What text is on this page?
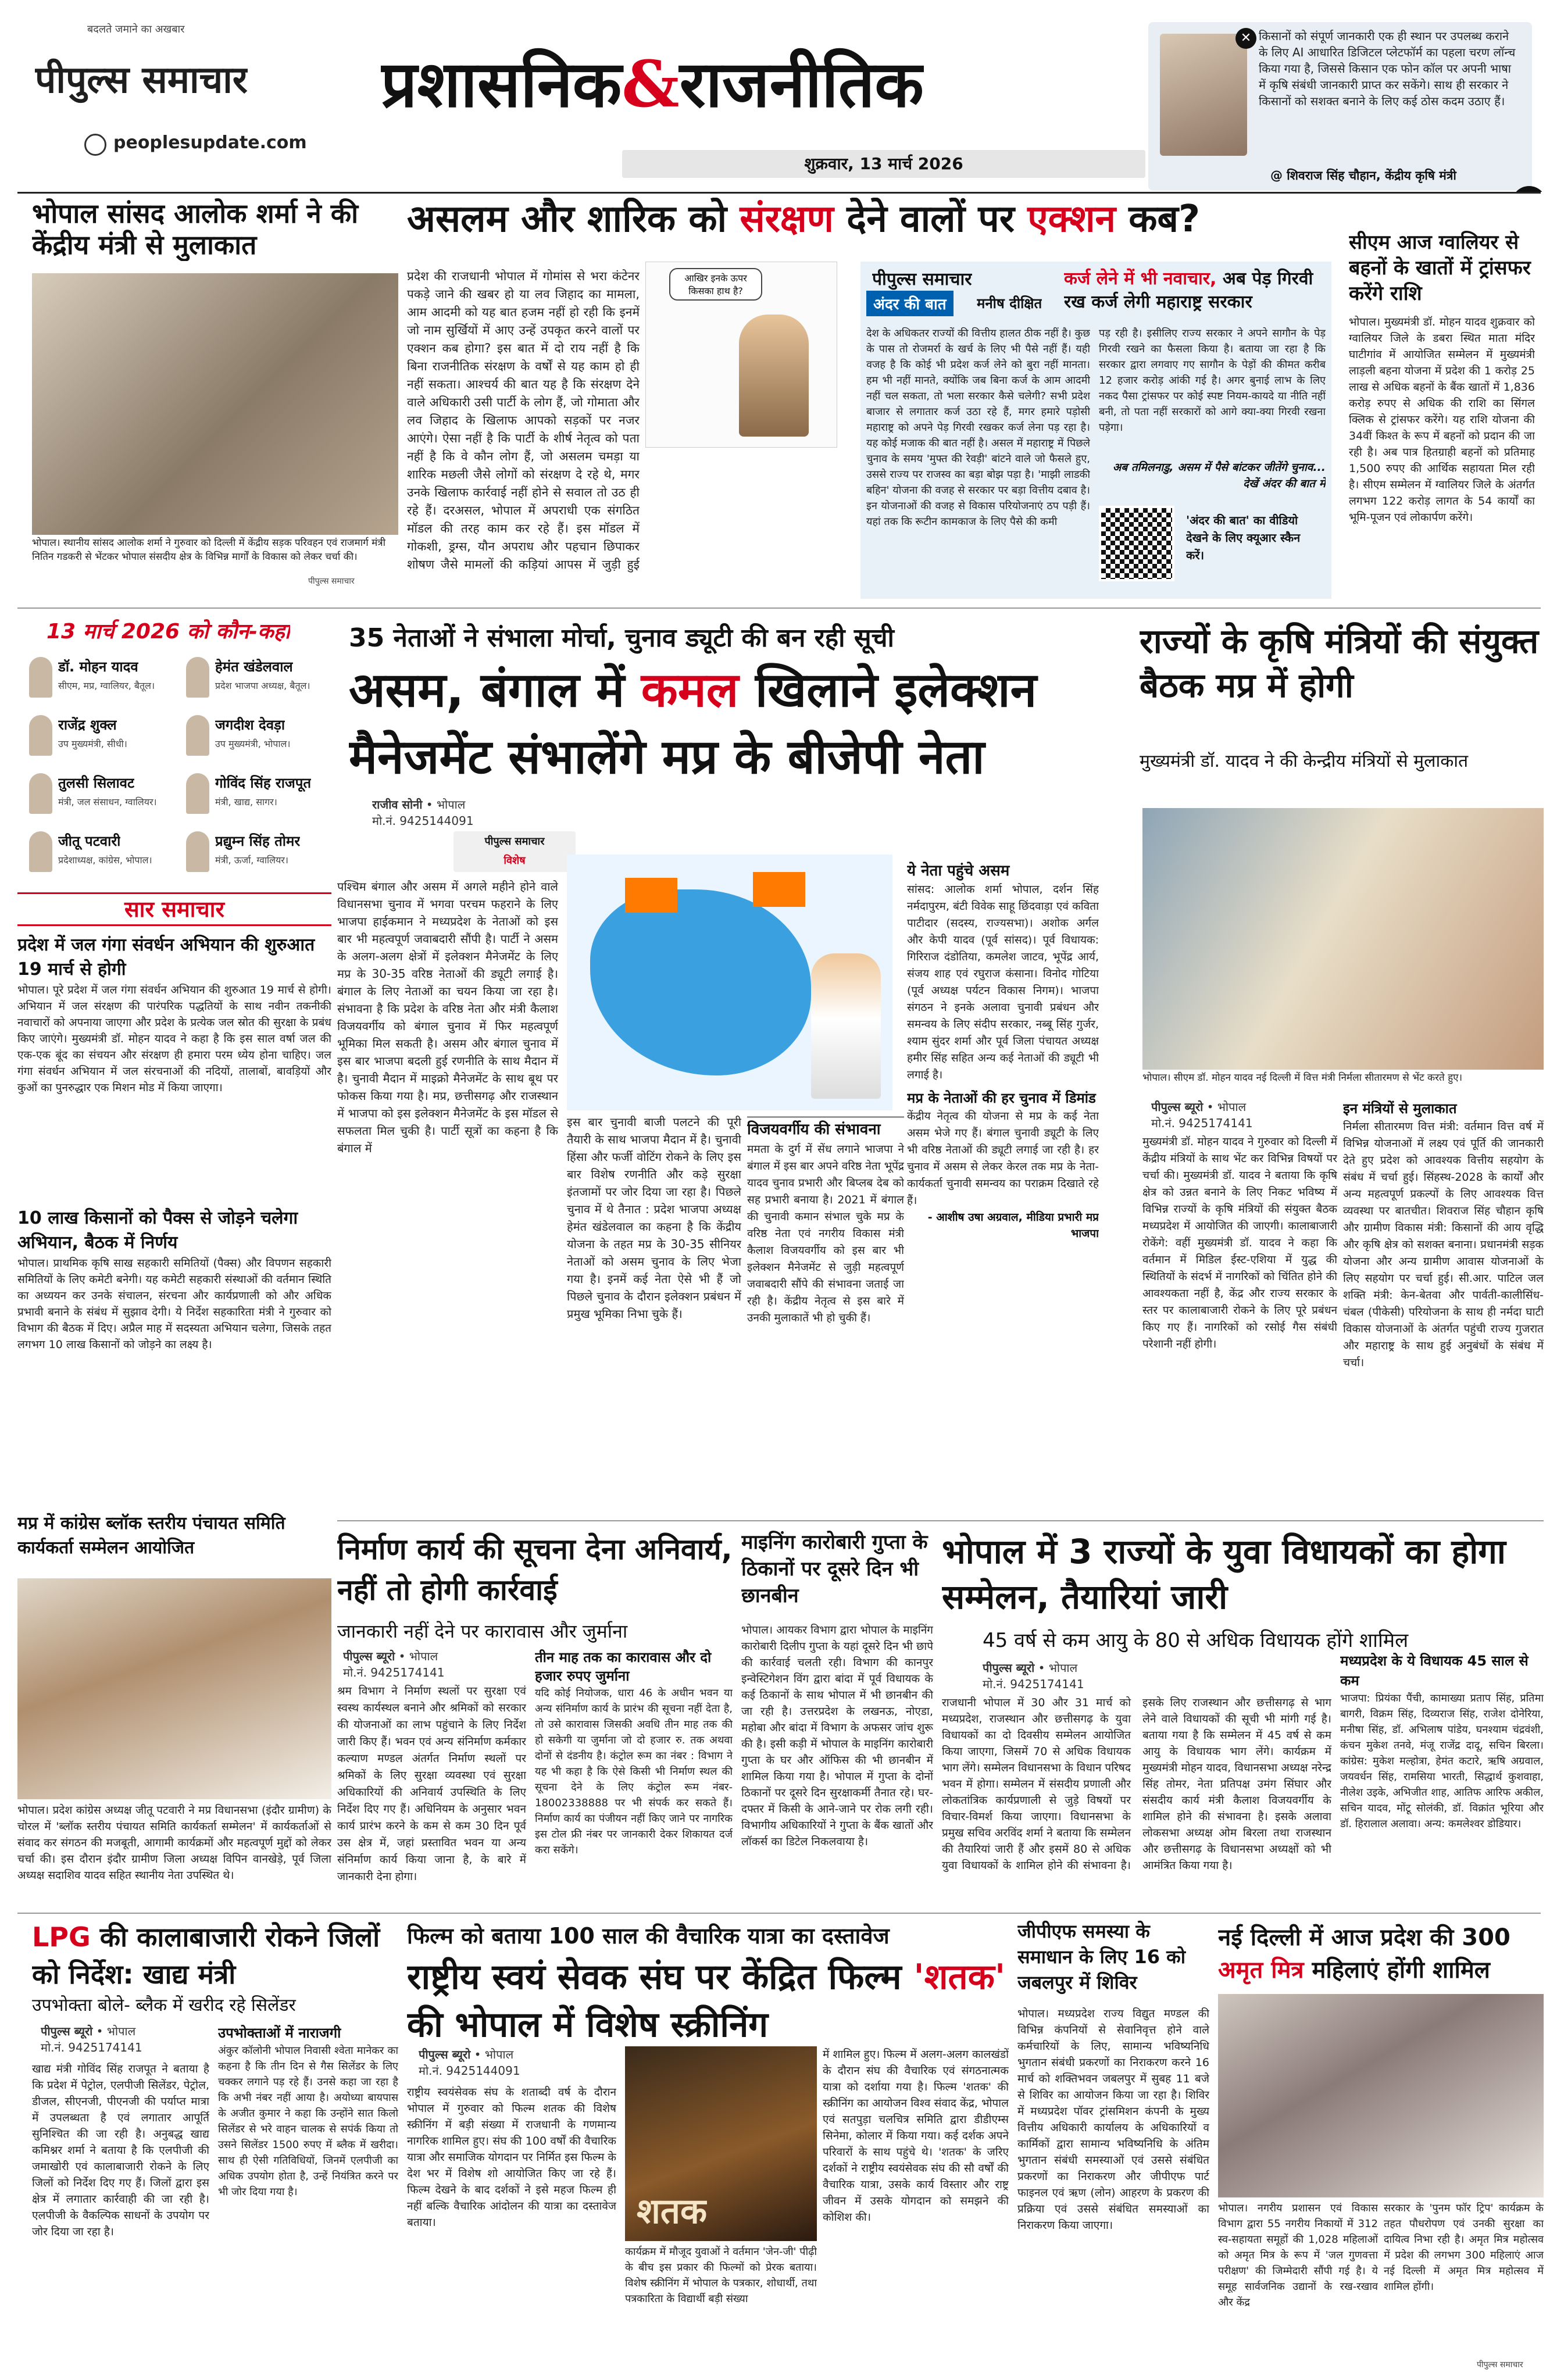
बदलते जमाने का अखबार
पीपुल्स समाचार
peoplesupdate.com
प्रशासनिक&राजनीतिक
शुक्रवार, 13 मार्च 2026
✕ किसानों को संपूर्ण जानकारी एक ही स्थान पर उपलब्ध कराने के लिए AI आधारित डिजिटल प्लेटफॉर्म का पहला चरण लॉन्च किया गया है, जिससे किसान एक फोन कॉल पर अपनी भाषा में कृषि संबंधी जानकारी प्राप्त कर सकेंगे। साथ ही सरकार ने किसानों को सशक्त बनाने के लिए कई ठोस कदम उठाए हैं।
@ शिवराज सिंह चौहान, केंद्रीय कृषि मंत्री
भोपाल सांसद आलोक शर्मा ने की केंद्रीय मंत्री से मुलाकात
भोपाल। स्थानीय सांसद आलोक शर्मा ने गुरुवार को दिल्ली में केंद्रीय सड़क परिवहन एवं राजमार्ग मंत्री नितिन गडकरी से भेंटकर भोपाल संसदीय क्षेत्र के विभिन्न मार्गों के विकास को लेकर चर्चा की।
पीपुल्स समाचार
असलम और शारिक को संरक्षण देने वालों पर एक्शन कब?
प्रदेश की राजधानी भोपाल में गोमांस से भरा कंटेनर पकड़े जाने की खबर हो या लव जिहाद का मामला, आम आदमी को यह बात हजम नहीं हो रही कि इनमें जो नाम सुर्खियों में आए उन्हें उपकृत करने वालों पर एक्शन कब होगा? इस बात में दो राय नहीं है कि बिना राजनीतिक संरक्षण के वर्षों से यह काम हो ही नहीं सकता। आश्चर्य की बात यह है कि संरक्षण देने वाले अधिकारी उसी पार्टी के लोग हैं, जो गोमाता और लव जिहाद के खिलाफ आपको सड़कों पर नजर आएंगे। ऐसा नहीं है कि पार्टी के शीर्ष नेतृत्व को पता नहीं है कि वे कौन लोग हैं, जो असलम चमड़ा या शारिक मछली जैसे लोगों को संरक्षण दे रहे थे, मगर उनके खिलाफ कार्रवाई नहीं होने से सवाल तो उठ ही रहे हैं। दरअसल, भोपाल में अपराधी एक संगठित मॉडल की तरह काम कर रहे हैं। इस मॉडल में गोकशी, ड्रग्स, यौन अपराध और पहचान छिपाकर शोषण जैसे मामलों की कड़ियां आपस में जुड़ी हुई
आखिर इनके ऊपर किसका हाथ है?
पीपुल्स समाचार
अंदर की बात	मनीष दीक्षित
कर्ज लेने में भी नवाचार, अब पेड़ गिरवी रख कर्ज लेगी महाराष्ट्र सरकार
देश के अधिकतर राज्यों की वित्तीय हालत ठीक नहीं है। कुछ के पास तो रोजमर्रा के खर्च के लिए भी पैसे नहीं हैं। यही वजह है कि कोई भी प्रदेश कर्ज लेने को बुरा नहीं मानता। हम भी नहीं मानते, क्योंकि जब बिना कर्ज के आम आदमी नहीं चल सकता, तो भला सरकार कैसे चलेगी? सभी प्रदेश बाजार से लगातार कर्ज उठा रहे हैं, मगर हमारे पड़ोसी महाराष्ट्र को अपने पेड़ गिरवी रखकर कर्ज लेना पड़ रहा है। यह कोई मजाक की बात नहीं है। असल में महाराष्ट्र में पिछले चुनाव के समय 'मुफ्त की रेवड़ी' बांटने वाले जो फैसले हुए, उससे राज्य पर राजस्व का बड़ा बोझ पड़ा है। 'माझी लाडकी बहिन' योजना की वजह से सरकार पर बड़ा वित्तीय दबाव है। इन योजनाओं की वजह से विकास परियोजनाएं ठप पड़ी हैं। यहां तक कि रूटीन कामकाज के लिए पैसे की कमी
पड़ रही है। इसीलिए राज्य सरकार ने अपने सागौन के पेड़ गिरवी रखने का फैसला किया है। बताया जा रहा है कि सरकार द्वारा लगवाए गए सागौन के पेड़ों की कीमत करीब 12 हजार करोड़ आंकी गई है। अगर बुनाई लाभ के लिए नकद पैसा ट्रांसफर पर कोई स्पष्ट नियम-कायदे या नीति नहीं बनी, तो पता नहीं सरकारों को आगे क्या-क्या गिरवी रखना पड़ेगा।
अब तमिलनाडु, असम में पैसे बांटकर जीतेंगे चुनाव... देखें अंदर की बात में
'अंदर की बात' का वीडियो देखने के लिए क्यूआर स्कैन करें।
सीएम आज ग्वालियर से बहनों के खातों में ट्रांसफर करेंगे राशि
भोपाल। मुख्यमंत्री डॉ. मोहन यादव शुक्रवार को ग्वालियर जिले के डबरा स्थित माता मंदिर घाटीगांव में आयोजित सम्मेलन में मुख्यमंत्री लाड़ली बहना योजना में प्रदेश की 1 करोड़ 25 लाख से अधिक बहनों के बैंक खातों में 1,836 करोड़ रुपए से अधिक की राशि का सिंगल क्लिक से ट्रांसफर करेंगे। यह राशि योजना की 34वीं किश्त के रूप में बहनों को प्रदान की जा रही है। अब पात्र हितग्राही बहनों को प्रतिमाह 1,500 रुपए की आर्थिक सहायता मिल रही है। सीएम सम्मेलन में ग्वालियर जिले के अंतर्गत लगभग 122 करोड़ लागत के 54 कार्यों का भूमि-पूजन एवं लोकार्पण करेंगे।
13 मार्च 2026 को कौन-कहां
डॉ. मोहन यादव
सीएम, मप्र, ग्वालियर, बैतूल।
हेमंत खंडेलवाल
प्रदेश भाजपा अध्यक्ष, बैतूल।
राजेंद्र शुक्ल
उप मुख्यमंत्री, सीधी।
जगदीश देवड़ा
उप मुख्यमंत्री, भोपाल।
तुलसी सिलावट
मंत्री, जल संसाधन, ग्वालियर।
गोविंद सिंह राजपूत
मंत्री, खाद्य, सागर।
जीतू पटवारी
प्रदेशाध्यक्ष, कांग्रेस, भोपाल।
प्रद्युम्न सिंह तोमर
मंत्री, ऊर्जा, ग्वालियर।
35 नेताओं ने संभाला मोर्चा, चुनाव ड्यूटी की बन रही सूची
असम, बंगाल में कमल खिलाने इलेक्शन मैनेजमेंट संभालेंगे मप्र के बीजेपी नेता
राजीव सोनी • भोपाल
मो.नं. 9425144091
पीपुल्स समाचार
विशेष
पश्चिम बंगाल और असम में अगले महीने होने वाले विधानसभा चुनाव में भगवा परचम फहराने के लिए भाजपा हाईकमान ने मध्यप्रदेश के नेताओं को इस बार भी महत्वपूर्ण जवाबदारी सौंपी है। पार्टी ने असम के अलग-अलग क्षेत्रों में इलेक्शन मैनेजमेंट के लिए मप्र के 30-35 वरिष्ठ नेताओं की ड्यूटी लगाई है। बंगाल के लिए नेताओं का चयन किया जा रहा है। संभावना है कि प्रदेश के वरिष्ठ नेता और मंत्री कैलाश विजयवर्गीय को बंगाल चुनाव में फिर महत्वपूर्ण भूमिका मिल सकती है। असम और बंगाल चुनाव में इस बार भाजपा बदली हुई रणनीति के साथ मैदान में है। चुनावी मैदान में माइक्रो मैनेजमेंट के साथ बूथ पर फोकस किया गया है। मप्र, छत्तीसगढ़ और राजस्थान में भाजपा को इस इलेक्शन मैनेजमेंट के इस मॉडल से सफलता मिल चुकी है। पार्टी सूत्रों का कहना है कि बंगाल में
इस बार चुनावी बाजी पलटने की पूरी तैयारी के साथ भाजपा मैदान में है। चुनावी हिंसा और फर्जी वोटिंग रोकने के लिए इस बार विशेष रणनीति और कड़े सुरक्षा इंतजामों पर जोर दिया जा रहा है। पिछले चुनाव में थे तैनात : प्रदेश भाजपा अध्यक्ष हेमंत खंडेलवाल का कहना है कि केंद्रीय योजना के तहत मप्र के 30-35 सीनियर नेताओं को असम चुनाव के लिए भेजा गया है। इनमें कई नेता ऐसे भी हैं जो पिछले चुनाव के दौरान इलेक्शन प्रबंधन में प्रमुख भूमिका निभा चुके हैं।
विजयवर्गीय की संभावना
ममता के दुर्ग में सेंध लगाने भाजपा ने बंगाल में इस बार अपने वरिष्ठ नेता भूपेंद्र यादव चुनाव प्रभारी और बिप्लब देब को सह प्रभारी बनाया है। 2021 में बंगाल की चुनावी कमान संभाल चुके मप्र के वरिष्ठ नेता एवं नगरीय विकास मंत्री कैलाश विजयवर्गीय को इस बार भी इलेक्शन मैनेजमेंट से जुड़ी महत्वपूर्ण जवाबदारी सौंपे की संभावना जताई जा रही है। केंद्रीय नेतृत्व से इस बारे में उनकी मुलाकातें भी हो चुकी हैं।
ये नेता पहुंचे असम
सांसद: आलोक शर्मा भोपाल, दर्शन सिंह नर्मदापुरम, बंटी विवेक साहू छिंदवाड़ा एवं कविता पाटीदार (सदस्य, राज्यसभा)। अशोक अर्गल और केपी यादव (पूर्व सांसद)। पूर्व विधायक: गिरिराज दंडोतिया, कमलेश जाटव, भूपेंद्र आर्य, संजय शाह एवं रघुराज कंसाना। विनोद गोटिया (पूर्व अध्यक्ष पर्यटन विकास निगम)। भाजपा संगठन ने इनके अलावा चुनावी प्रबंधन और समन्वय के लिए संदीप सरकार, नब्बू सिंह गुर्जर, श्याम सुंदर शर्मा और पूर्व जिला पंचायत अध्यक्ष हमीर सिंह सहित अन्य कई नेताओं की ड्यूटी भी लगाई है।
मप्र के नेताओं की हर चुनाव में डिमांड
केंद्रीय नेतृत्व की योजना से मप्र के कई नेता असम भेजे गए हैं। बंगाल चुनावी ड्यूटी के लिए भी वरिष्ठ नेताओं की ड्यूटी लगाई जा रही है। हर चुनाव में असम से लेकर केरल तक मप्र के नेता-कार्यकर्ता चुनावी समन्वय का पराक्रम दिखाते रहे हैं।
- आशीष उषा अग्रवाल, मीडिया प्रभारी मप्र भाजपा
सार समाचार
प्रदेश में जल गंगा संवर्धन अभियान की शुरुआत 19 मार्च से होगी
भोपाल। पूरे प्रदेश में जल गंगा संवर्धन अभियान की शुरुआत 19 मार्च से होगी। अभियान में जल संरक्षण की पारंपरिक पद्धतियों के साथ नवीन तकनीकी नवाचारों को अपनाया जाएगा और प्रदेश के प्रत्येक जल स्रोत की सुरक्षा के प्रबंध किए जाएंगे। मुख्यमंत्री डॉ. मोहन यादव ने कहा है कि इस साल वर्षा जल की एक-एक बूंद का संचयन और संरक्षण ही हमारा परम ध्येय होना चाहिए। जल गंगा संवर्धन अभियान में जल संरचनाओं की नदियों, तालाबों, बावड़ियों और कुओं का पुनरुद्धार एक मिशन मोड में किया जाएगा।
10 लाख किसानों को पैक्स से जोड़ने चलेगा अभियान, बैठक में निर्णय
भोपाल। प्राथमिक कृषि साख सहकारी समितियों (पैक्स) और विपणन सहकारी समितियों के लिए कमेटी बनेगी। यह कमेटी सहकारी संस्थाओं की वर्तमान स्थिति का अध्ययन कर उनके संचालन, संरचना और कार्यप्रणाली को और अधिक प्रभावी बनाने के संबंध में सुझाव देगी। ये निर्देश सहकारिता मंत्री ने गुरुवार को विभाग की बैठक में दिए। अप्रैल माह में सदस्यता अभियान चलेगा, जिसके तहत लगभग 10 लाख किसानों को जोड़ने का लक्ष्य है।
मप्र में कांग्रेस ब्लॉक स्तरीय पंचायत समिति कार्यकर्ता सम्मेलन आयोजित
भोपाल। प्रदेश कांग्रेस अध्यक्ष जीतू पटवारी ने मप्र विधानसभा (इंदौर ग्रामीण) के चोरल में 'ब्लॉक स्तरीय पंचायत समिति कार्यकर्ता सम्मेलन' में कार्यकर्ताओं से संवाद कर संगठन की मजबूती, आगामी कार्यक्रमों और महत्वपूर्ण मुद्दों को लेकर चर्चा की। इस दौरान इंदौर ग्रामीण जिला अध्यक्ष विपिन वानखेड़े, पूर्व जिला अध्यक्ष सदाशिव यादव सहित स्थानीय नेता उपस्थित थे।
राज्यों के कृषि मंत्रियों की संयुक्त बैठक मप्र में होगी
मुख्यमंत्री डॉ. यादव ने की केन्द्रीय मंत्रियों से मुलाकात
भोपाल। सीएम डॉ. मोहन यादव नई दिल्ली में वित्त मंत्री निर्मला सीतारमण से भेंट करते हुए।
पीपुल्स ब्यूरो • भोपाल
मो.नं. 9425174141
मुख्यमंत्री डॉ. मोहन यादव ने गुरुवार को दिल्ली में केंद्रीय मंत्रियों के साथ भेंट कर विभिन्न विषयों पर चर्चा की। मुख्यमंत्री डॉ. यादव ने बताया कि कृषि क्षेत्र को उन्नत बनाने के लिए निकट भविष्य में विभिन्न राज्यों के कृषि मंत्रियों की संयुक्त बैठक मध्यप्रदेश में आयोजित की जाएगी। कालाबाजारी रोकेंगे: वहीं मुख्यमंत्री डॉ. यादव ने कहा कि वर्तमान में मिडिल ईस्ट-एशिया में युद्ध की स्थितियों के संदर्भ में नागरिकों को चिंतित होने की आवश्यकता नहीं है, केंद्र और राज्य सरकार के स्तर पर कालाबाजारी रोकने के लिए पूरे प्रबंधन किए गए हैं। नागरिकों को रसोई गैस संबंधी परेशानी नहीं होगी।
इन मंत्रियों से मुलाकात
निर्मला सीतारमण वित्त मंत्री: वर्तमान वित्त वर्ष में विभिन्न योजनाओं में लक्ष्य एवं पूर्ति की जानकारी देते हुए प्रदेश को आवश्यक वित्तीय सहयोग के संबंध में चर्चा हुई। सिंहस्थ-2028 के कार्यों और अन्य महत्वपूर्ण प्रकल्पों के लिए आवश्यक वित्त व्यवस्था पर बातचीत। शिवराज सिंह चौहान कृषि और ग्रामीण विकास मंत्री: किसानों की आय वृद्धि और कृषि क्षेत्र को सशक्त बनाना। प्रधानमंत्री सड़क योजना और अन्य ग्रामीण आवास योजनाओं के लिए सहयोग पर चर्चा हुई। सी.आर. पाटिल जल शक्ति मंत्री: केन-बेतवा और पार्वती-कालीसिंध-चंबल (पीकेसी) परियोजना के साथ ही नर्मदा घाटी विकास योजनाओं के अंतर्गत पहुंची राज्य गुजरात और महाराष्ट्र के साथ हुई अनुबंधों के संबंध में चर्चा।
निर्माण कार्य की सूचना देना अनिवार्य, नहीं तो होगी कार्रवाई
जानकारी नहीं देने पर कारावास और जुर्माना
पीपुल्स ब्यूरो • भोपाल
मो.नं. 9425174141
श्रम विभाग ने निर्माण स्थलों पर सुरक्षा एवं स्वस्थ कार्यस्थल बनाने और श्रमिकों को सरकार की योजनाओं का लाभ पहुंचाने के लिए निर्देश जारी किए हैं। भवन एवं अन्य संनिर्माण कर्मकार कल्याण मण्डल अंतर्गत निर्माण स्थलों पर श्रमिकों के लिए सुरक्षा व्यवस्था एवं सुरक्षा अधिकारियों की अनिवार्य उपस्थिति के लिए निर्देश दिए गए हैं। अधिनियम के अनुसार भवन कार्य प्रारंभ करने के कम से कम 30 दिन पूर्व उस क्षेत्र में, जहां प्रस्तावित भवन या अन्य संनिर्माण कार्य किया जाना है, के बारे में जानकारी देना होगा।
तीन माह तक का कारावास और दो हजार रुपए जुर्माना
यदि कोई नियोजक, धारा 46 के अधीन भवन या अन्य संनिर्माण कार्य के प्रारंभ की सूचना नहीं देता है, तो उसे कारावास जिसकी अवधि तीन माह तक की हो सकेगी या जुर्माना जो दो हजार रु. तक अथवा दोनों से दंडनीय है। कंट्रोल रूम का नंबर : विभाग ने यह भी कहा है कि ऐसे किसी भी निर्माण स्थल की सूचना देने के लिए कंट्रोल रूम नंबर- 18002338888 पर भी संपर्क कर सकते हैं। निर्माण कार्य का पंजीयन नहीं किए जाने पर नागरिक इस टोल फ्री नंबर पर जानकारी देकर शिकायत दर्ज करा सकेंगे।
माइनिंग कारोबारी गुप्ता के ठिकानों पर दूसरे दिन भी छानबीन
भोपाल। आयकर विभाग द्वारा भोपाल के माइनिंग कारोबारी दिलीप गुप्ता के यहां दूसरे दिन भी छापे की कार्रवाई चलती रही। विभाग की कानपुर इन्वेस्टिगेशन विंग द्वारा बांदा में पूर्व विधायक के कई ठिकानों के साथ भोपाल में भी छानबीन की जा रही है। उत्तरप्रदेश के लखनऊ, नोएडा, महोबा और बांदा में विभाग के अफसर जांच शुरू की है। इसी कड़ी में भोपाल के माइनिंग कारोबारी गुप्ता के घर और ऑफिस की भी छानबीन में शामिल किया गया है। भोपाल में गुप्ता के दोनों ठिकानों पर दूसरे दिन सुरक्षाकर्मी तैनात रहे। घर-दफ्तर में किसी के आने-जाने पर रोक लगी रही। विभागीय अधिकारियों ने गुप्ता के बैंक खातों और लॉकर्स का डिटेल निकलवाया है।
भोपाल में 3 राज्यों के युवा विधायकों का होगा सम्मेलन, तैयारियां जारी
45 वर्ष से कम आयु के 80 से अधिक विधायक होंगे शामिल
पीपुल्स ब्यूरो • भोपाल
मो.नं. 9425174141
राजधानी भोपाल में 30 और 31 मार्च को मध्यप्रदेश, राजस्थान और छत्तीसगढ़ के युवा विधायकों का दो दिवसीय सम्मेलन आयोजित किया जाएगा, जिसमें 70 से अधिक विधायक भाग लेंगे। सम्मेलन विधानसभा के विधान परिषद भवन में होगा। सम्मेलन में संसदीय प्रणाली और लोकतांत्रिक कार्यप्रणाली से जुड़े विषयों पर विचार-विमर्श किया जाएगा। विधानसभा के प्रमुख सचिव अरविंद शर्मा ने बताया कि सम्मेलन की तैयारियां जारी हैं और इसमें 80 से अधिक युवा विधायकों के शामिल होने की संभावना है। इसके लिए राजस्थान और छत्तीसगढ़ से भाग लेने वाले विधायकों की सूची भी मांगी गई है। बताया गया है कि सम्मेलन में 45 वर्ष से कम आयु के विधायक भाग लेंगे। कार्यक्रम में मुख्यमंत्री मोहन यादव, विधानसभा अध्यक्ष नरेन्द्र सिंह तोमर, नेता प्रतिपक्ष उमंग सिंघार और संसदीय कार्य मंत्री कैलाश विजयवर्गीय के शामिल होने की संभावना है। इसके अलावा लोकसभा अध्यक्ष ओम बिरला तथा राजस्थान और छत्तीसगढ़ के विधानसभा अध्यक्षों को भी आमंत्रित किया गया है।
मध्यप्रदेश के ये विधायक 45 साल से कम
भाजपा: प्रियंका पैंची, कामाख्या प्रताप सिंह, प्रतिमा बागरी, विक्रम सिंह, दिव्यराज सिंह, राजेश दोनेरिया, मनीषा सिंह, डॉ. अभिलाष पांडेय, घनश्याम चंद्रवंशी, कंचन मुकेश तनवे, मंजू राजेंद्र दादू, सचिन बिरला। कांग्रेस: मुकेश मल्होत्रा, हेमंत कटारे, ऋषि अग्रवाल, जयवर्धन सिंह, रामसिया भारती, सिद्धार्थ कुशवाहा, नीलेश उइके, अभिजीत शाह, आतिफ आरिफ अकील, सचिन यादव, मोंटू सोलंकी, डॉ. विक्रांत भूरिया और डॉ. हिरालाल अलावा। अन्य: कमलेश्वर डोडियार।
LPG की कालाबाजारी रोकने जिलों को निर्देश: खाद्य मंत्री
उपभोक्ता बोले- ब्लैक में खरीद रहे सिलेंडर
पीपुल्स ब्यूरो • भोपाल
मो.नं. 9425174141
खाद्य मंत्री गोविंद सिंह राजपूत ने बताया है कि प्रदेश में पेट्रोल, एलपीजी सिलेंडर, पेट्रोल, डीजल, सीएनजी, पीएनजी की पर्याप्त मात्रा में उपलब्धता है एवं लगातार आपूर्ति सुनिश्चित की जा रही है। अनुबद्ध खाद्य कमिश्नर शर्मा ने बताया है कि एलपीजी की जमाखोरी एवं कालाबाजारी रोकने के लिए जिलों को निर्देश दिए गए हैं। जिलों द्वारा इस क्षेत्र में लगातार कार्रवाही की जा रही है। एलपीजी के वैकल्पिक साधनों के उपयोग पर जोर दिया जा रहा है।
उपभोक्ताओं में नाराजगी
अंकुर कॉलोनी भोपाल निवासी श्वेता मानेकर का कहना है कि तीन दिन से गैस सिलेंडर के लिए चक्कर लगाने पड़ रहे हैं। उनसे कहा जा रहा है कि अभी नंबर नहीं आया है। अयोध्या बायपास के अजीत कुमार ने कहा कि उन्होंने सात किलो सिलेंडर से भरे वाहन चालक से सपंर्क किया तो उसने सिलेंडर 1500 रुपए में ब्लैक में खरीदा। साथ ही ऐसी गतिविधियों, जिनमें एलपीजी का अधिक उपयोग होता है, उन्हें नियंत्रित करने पर भी जोर दिया गया है।
फिल्म को बताया 100 साल की वैचारिक यात्रा का दस्तावेज
राष्ट्रीय स्वयं सेवक संघ पर केंद्रित फिल्म 'शतक' की भोपाल में विशेष स्क्रीनिंग
पीपुल्स ब्यूरो • भोपाल
मो.नं. 9425144091
राष्ट्रीय स्वयंसेवक संघ के शताब्दी वर्ष के दौरान भोपाल में गुरुवार को फिल्म शतक की विशेष स्क्रीनिंग में बड़ी संख्या में राजधानी के गणमान्य नागरिक शामिल हुए। संघ की 100 वर्षों की वैचारिक यात्रा और समाजिक योगदान पर निर्मित इस फिल्म के देश भर में विशेष शो आयोजित किए जा रहे हैं। फिल्म देखने के बाद दर्शकों ने इसे महज फिल्म ही नहीं बल्कि वैचारिक आंदोलन की यात्रा का दस्तावेज बताया।	शतक
कार्यक्रम में मौजूद युवाओं ने वर्तमान 'जेन-जी' पीढ़ी के बीच इस प्रकार की फिल्मों को प्रेरक बताया। विशेष स्क्रीनिंग में भोपाल के पत्रकार, शोधार्थी, तथा पत्रकारिता के विद्यार्थी बड़ी संख्या
में शामिल हुए। फिल्म में अलग-अलग कालखंडों के दौरान संघ की वैचारिक एवं संगठनात्मक यात्रा को दर्शाया गया है। फिल्म 'शतक' की स्क्रीनिंग का आयोजन विश्व संवाद केंद्र, भोपाल एवं सतपुड़ा चलचित्र समिति द्वारा डीडीएम्स सिनेमा, कोलार में किया गया। कई दर्शक अपने परिवारों के साथ पहुंचे थे। 'शतक' के जरिए दर्शकों ने राष्ट्रीय स्वयंसेवक संघ की सौ वर्षों की वैचारिक यात्रा, उसके कार्य विस्तार और राष्ट्र जीवन में उसके योगदान को समझने की कोशिश की।
जीपीएफ समस्या के समाधान के लिए 16 को जबलपुर में शिविर
भोपाल। मध्यप्रदेश राज्य विद्युत मण्डल की विभिन्न कंपनियों से सेवानिवृत्त होने वाले कर्मचारियों के लिए, सामान्य भविष्यनिधि भुगतान संबंधी प्रकरणों का निराकरण करने 16 मार्च को शक्तिभवन जबलपुर में सुबह 11 बजे से शिविर का आयोजन किया जा रहा है। शिविर में मध्यप्रदेश पॉवर ट्रांसमिशन कंपनी के मुख्य वित्तीय अधिकारी कार्यालय के अधिकारियों व कार्मिकों द्वारा सामान्य भविष्यनिधि के अंतिम भुगतान संबंधी समस्याओं एवं उससे संबंधित प्रकरणों का निराकरण और जीपीएफ पार्ट फाइनल एवं ऋण (लोन) आहरण के प्रकरण की प्रक्रिया एवं उससे संबंधित समस्याओं का निराकरण किया जाएगा।
नई दिल्ली में आज प्रदेश की 300 अमृत मित्र महिलाएं होंगी शामिल
भोपाल। नगरीय प्रशासन एवं विकास विभाग द्वारा 55 नगरीय निकायों में 312 स्व-सहायता समूहों की 1,028 महिलाओं को अमृत मित्र के रूप में 'जल गुणवत्ता परीक्षण' की जिम्मेदारी सौंपी गई है। ये समूह सार्वजनिक उद्यानों के रख-रखाव और केंद्र
सरकार के 'पुनम फॉर ट्रिप' कार्यक्रम के तहत पौधरोपण एवं उनकी सुरक्षा का दायित्व निभा रही है। अमृत मित्र महोत्सव में प्रदेश की लगभग 300 महिलाएं आज नई दिल्ली में अमृत मित्र महोत्सव में शामिल होंगी।
पीपुल्स समाचार
